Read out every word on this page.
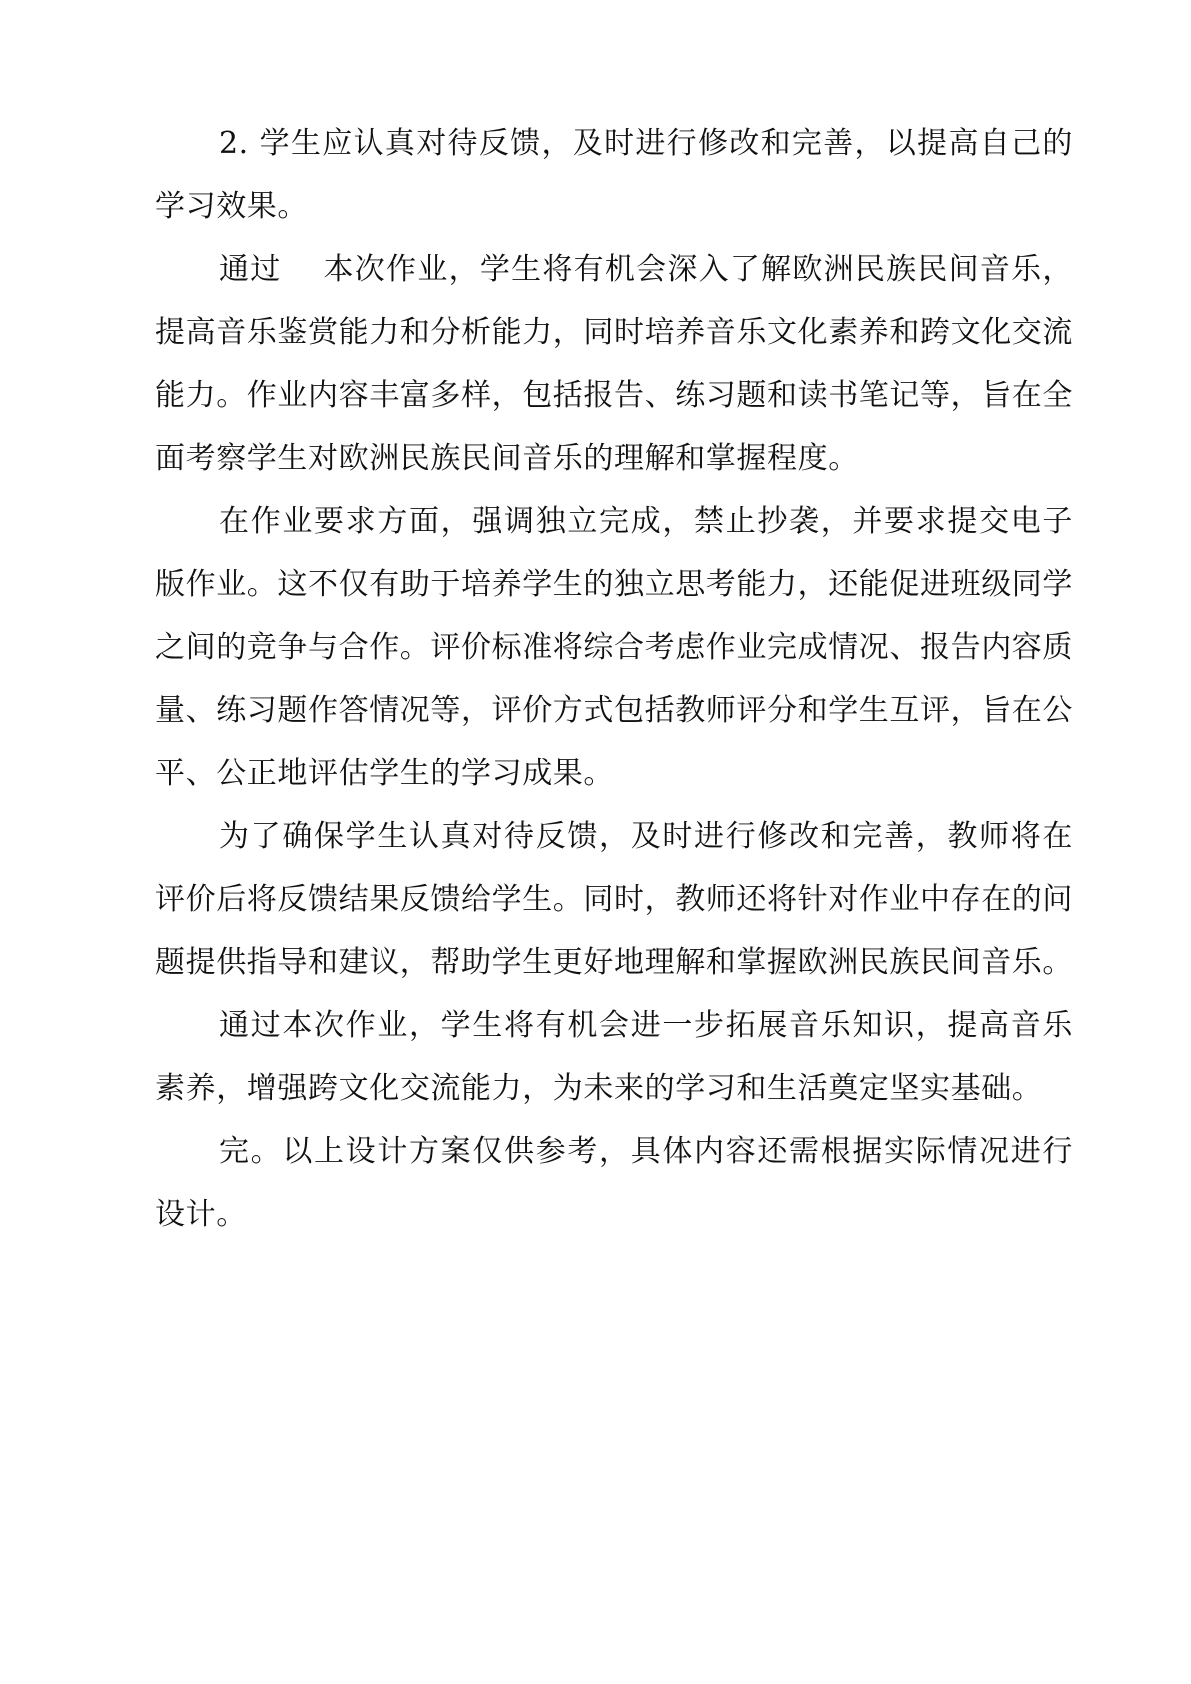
2. 学生应认真对待反馈，及时进行修改和完善，以提高自己的学习效果。

通过　 本次作业，学生将有机会深入了解欧洲民族民间音乐，提高音乐鉴赏能力和分析能力，同时培养音乐文化素养和跨文化交流能力。作业内容丰富多样，包括报告、练习题和读书笔记等，旨在全面考察学生对欧洲民族民间音乐的理解和掌握程度。

在作业要求方面，强调独立完成，禁止抄袭，并要求提交电子版作业。这不仅有助于培养学生的独立思考能力，还能促进班级同学之间的竞争与合作。评价标准将综合考虑作业完成情况、报告内容质量、练习题作答情况等，评价方式包括教师评分和学生互评，旨在公平、公正地评估学生的学习成果。

为了确保学生认真对待反馈，及时进行修改和完善，教师将在评价后将反馈结果反馈给学生。同时，教师还将针对作业中存在的问题提供指导和建议，帮助学生更好地理解和掌握欧洲民族民间音乐。

通过本次作业，学生将有机会进一步拓展音乐知识，提高音乐素养，增强跨文化交流能力，为未来的学习和生活奠定坚实基础。

完。以上设计方案仅供参考，具体内容还需根据实际情况进行设计。
